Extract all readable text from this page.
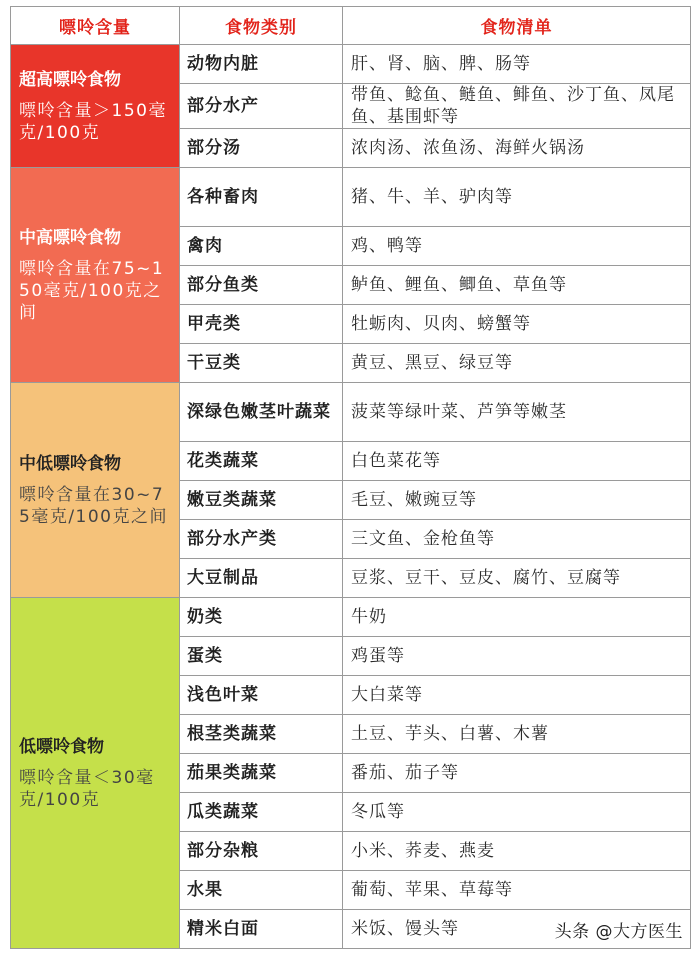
嘌呤含量	食物类别	食物清单

超高嘌呤食物
嘌呤含量＞150毫克/100克	动物内脏	肝、肾、脑、脾、肠等
	部分水产	带鱼、鲶鱼、鲢鱼、鲱鱼、沙丁鱼、凤尾鱼、基围虾等
	部分汤	浓肉汤、浓鱼汤、海鲜火锅汤

中高嘌呤食物
嘌呤含量在75~150毫克/100克之间	各种畜肉	猪、牛、羊、驴肉等
	禽肉	鸡、鸭等
	部分鱼类	鲈鱼、鲤鱼、鲫鱼、草鱼等
	甲壳类	牡蛎肉、贝肉、螃蟹等
	干豆类	黄豆、黑豆、绿豆等

中低嘌呤食物
嘌呤含量在30~75毫克/100克之间	深绿色嫩茎叶蔬菜	菠菜等绿叶菜、芦笋等嫩茎
	花类蔬菜	白色菜花等
	嫩豆类蔬菜	毛豆、嫩豌豆等
	部分水产类	三文鱼、金枪鱼等
	大豆制品	豆浆、豆干、豆皮、腐竹、豆腐等

低嘌呤食物
嘌呤含量＜30毫克/100克	奶类	牛奶
	蛋类	鸡蛋等
	浅色叶菜	大白菜等
	根茎类蔬菜	土豆、芋头、白薯、木薯
	茄果类蔬菜	番茄、茄子等
	瓜类蔬菜	冬瓜等
	部分杂粮	小米、荞麦、燕麦
	水果	葡萄、苹果、草莓等
	精米白面	米饭、馒头等	头条 @大方医生
